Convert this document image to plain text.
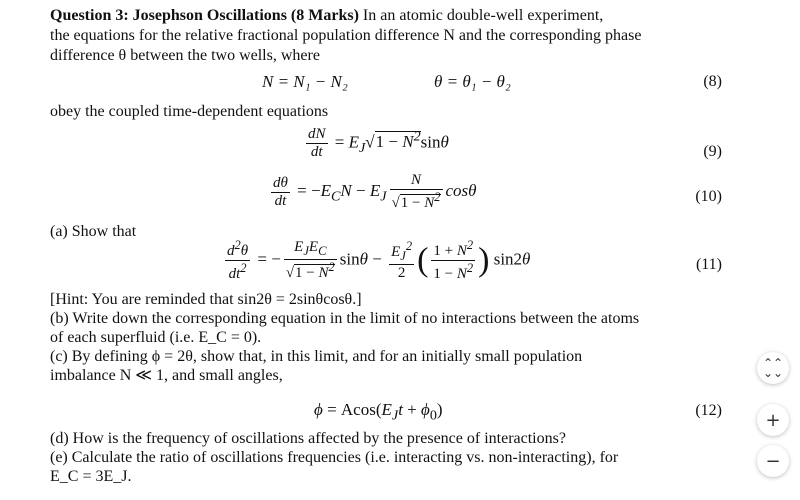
Question 3: Josephson Oscillations (8 Marks) In an atomic double-well experiment,
the equations for the relative fractional population difference N and the corresponding phase
difference θ between the two wells, where
N = N₁ − N₂	θ = θ₁ − θ₂	(8)
obey the coupled time-dependent equations
$\frac{dN}{dt} = E_J√1 - N^2\sin\theta$
(9)
$\frac{d\theta}{dt} = -E_CN - E_J \frac{N}{√1 - N^2}$ cosθ	(10)
(a) Show that
$\frac{d^2\theta}{dt^2}$ = − $\frac{E_JE_C}{√1 - N^2}$ $\sin\theta - \frac{E_J^2}{2}$ ( $\frac{1 + N^2}{1 - N^2}$ ) sin2θ	(11)
[Hint: You are reminded that sin2θ = 2sinθcosθ.]
(b) Write down the corresponding equation in the limit of no interactions between the atoms
of each superfluid (i.e. E_C = 0).
(c) By defining ϕ = 2θ, show that, in this limit, and for an initially small population
imbalance N ≪ 1, and small angles,
$\phi = Acos(E_Jt + \phi_0)$	(12)
(d) How is the frequency of oscillations affected by the presence of interactions?
(e) Calculate the ratio of oscillations frequencies (i.e. interacting vs. non-interacting), for
E_C = 3E_J.
⌃⌃
⌄⌄
+
−
